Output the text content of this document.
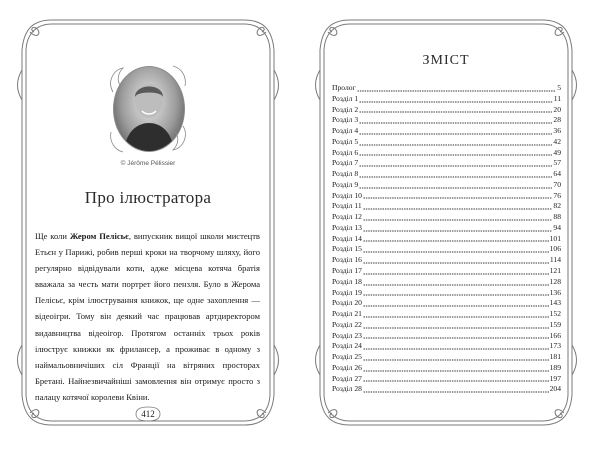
© Jérôme Pélissier
Про ілюстратора
Ще коли Жером Пелісьє, випускник вищої школи мистецтв Етьєн у Парижі, робив перші кроки на творчому шляху, його регулярно відвідували коти, адже місцева котяча братія вважала за честь мати портрет його пензля. Було в Жерома Пелісьє, крім ілюстрування книжок, ще одне захоплення — відеоігри. Тому він деякий час працював артдиректором видавництва відеоігор. Протягом останніх трьох років ілюструє книжки як фрилансер, а проживає в одному з наймальовничіших сіл Франції на вітряних просторах Бретані. Найнезвичайніші замовлення він отримує просто з палацу котячої королеви Квіни.
412
ЗМІСТ
Пролог	5
Розділ 1	11
Розділ 2	20
Розділ 3	28
Розділ 4	36
Розділ 5	42
Розділ 6	49
Розділ 7	57
Розділ 8	64
Розділ 9	70
Розділ 10	76
Розділ 11	82
Розділ 12	88
Розділ 13	94
Розділ 14	101
Розділ 15	106
Розділ 16	114
Розділ 17	121
Розділ 18	128
Розділ 19	136
Розділ 20	143
Розділ 21	152
Розділ 22	159
Розділ 23	166
Розділ 24	173
Розділ 25	181
Розділ 26	189
Розділ 27	197
Розділ 28	204
